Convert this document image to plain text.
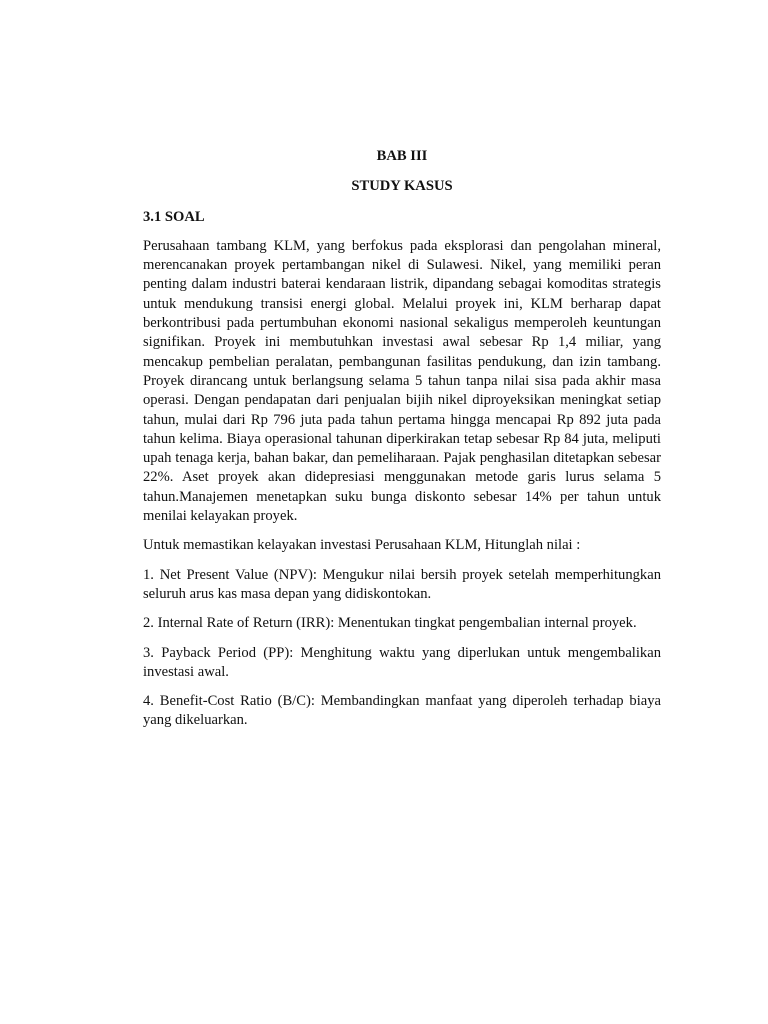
BAB III

STUDY KASUS

3.1 SOAL

Perusahaan tambang KLM, yang berfokus pada eksplorasi dan pengolahan mineral, merencanakan proyek pertambangan nikel di Sulawesi. Nikel, yang memiliki peran penting dalam industri baterai kendaraan listrik, dipandang sebagai komoditas strategis untuk mendukung transisi energi global. Melalui proyek ini, KLM berharap dapat berkontribusi pada pertumbuhan ekonomi nasional sekaligus memperoleh keuntungan signifikan. Proyek ini membutuhkan investasi awal sebesar Rp 1,4 miliar, yang mencakup pembelian peralatan, pembangunan fasilitas pendukung, dan izin tambang. Proyek dirancang untuk berlangsung selama 5 tahun tanpa nilai sisa pada akhir masa operasi. Dengan pendapatan dari penjualan bijih nikel diproyeksikan meningkat setiap tahun, mulai dari Rp 796 juta pada tahun pertama hingga mencapai Rp 892 juta pada tahun kelima. Biaya operasional tahunan diperkirakan tetap sebesar Rp 84 juta, meliputi upah tenaga kerja, bahan bakar, dan pemeliharaan. Pajak penghasilan ditetapkan sebesar 22%. Aset proyek akan didepresiasi menggunakan metode garis lurus selama 5 tahun.Manajemen menetapkan suku bunga diskonto sebesar 14% per tahun untuk menilai kelayakan proyek.

Untuk memastikan kelayakan investasi Perusahaan KLM, Hitunglah nilai :

1. Net Present Value (NPV): Mengukur nilai bersih proyek setelah memperhitungkan seluruh arus kas masa depan yang didiskontokan.
2. Internal Rate of Return (IRR): Menentukan tingkat pengembalian internal proyek.
3. Payback Period (PP): Menghitung waktu yang diperlukan untuk mengembalikan investasi awal.
4. Benefit-Cost Ratio (B/C): Membandingkan manfaat yang diperoleh terhadap biaya yang dikeluarkan.
